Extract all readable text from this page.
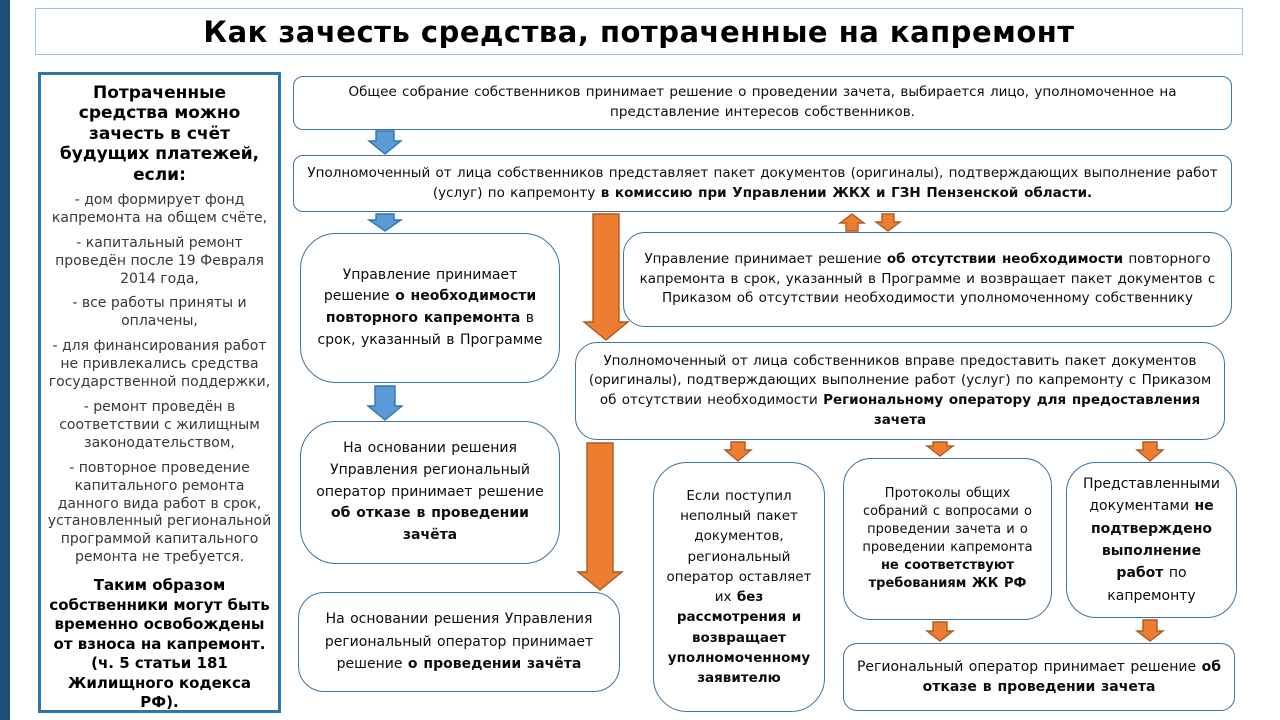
Как зачесть средства, потраченные на капремонт
Потраченные средства можно зачесть в счёт будущих платежей, если:
- дом формирует фонд капремонта на общем счёте,
- капитальный ремонт проведён после 19 Февраля 2014 года,
- все работы приняты и оплачены,
- для финансирования работ не привлекались средства государственной поддержки,
- ремонт проведён в соответствии с жилищным законодательством,
- повторное проведение капитального ремонта данного вида работ в срок, установленный региональной программой капитального ремонта не требуется.
Таким образом собственники могут быть временно освобождены от взноса на капремонт. (ч. 5 статьи 181 Жилищного кодекса РФ).
Общее собрание собственников принимает решение о проведении зачета, выбирается лицо, уполномоченное на представление интересов собственников.
Уполномоченный от лица собственников представляет пакет документов (оригиналы), подтверждающих выполнение работ (услуг) по капремонту в комиссию при Управлении ЖКХ и ГЗН Пензенской области.
Управление принимает решение о необходимости повторного капремонта в срок, указанный в Программе
Управление принимает решение об отсутствии необходимости повторного капремонта в срок, указанный в Программе и возвращает пакет документов с Приказом об отсутствии необходимости уполномоченному собственнику
Уполномоченный от лица собственников вправе предоставить пакет документов (оригиналы), подтверждающих выполнение работ (услуг) по капремонту с Приказом об отсутствии необходимости Региональному оператору для предоставления зачета
На основании решения Управления региональный оператор принимает решение об отказе в проведении зачёта
На основании решения Управления региональный оператор принимает решение о проведении зачёта
Если поступил неполный пакет документов, региональный оператор оставляет их без рассмотрения и возвращает уполномоченному заявителю
Протоколы общих собраний с вопросами о проведении зачета и о проведении капремонта не соответствуют требованиям ЖК РФ
Представленными документами не подтверждено выполнение работ по капремонту
Региональный оператор принимает решение об отказе в проведении зачета
